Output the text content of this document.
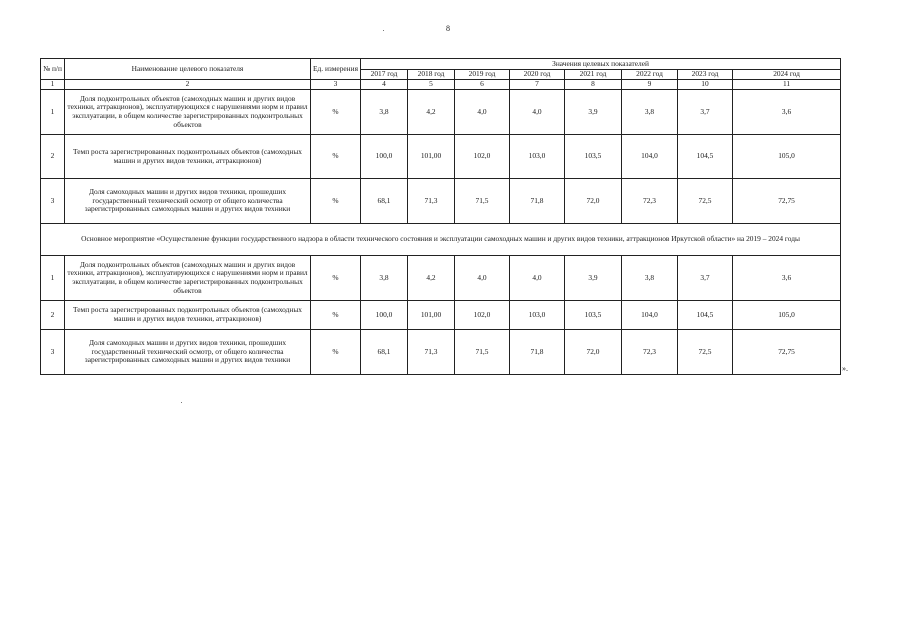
8
№ п/п	Наименование целевого показателя	Ед. измерения	Значения целевых показателей							
			2017 год	2018 год	2019 год	2020 год	2021 год	2022 год	2023 год	2024 год
1	2	3	4	5	6	7	8	9	10	11
1	Доля подконтрольных объектов (самоходных машин и других видов техники, аттракционов), эксплуатирующихся с нарушениями норм и правил эксплуатации, в общем количестве зарегистрированных подконтрольных объектов	%	3,8	4,2	4,0	4,0	3,9	3,8	3,7	3,6
2	Темп роста зарегистрированных подконтрольных объектов (самоходных машин и других видов техники, аттракционов)	%	100,0	101,00	102,0	103,0	103,5	104,0	104,5	105,0
3	Доля самоходных машин и других видов техники, прошедших государственный технический осмотр от общего количества зарегистрированных самоходных машин и других видов техники	%	68,1	71,3	71,5	71,8	72,0	72,3	72,5	72,75
Основное мероприятие «Осуществление функции государственного надзора в области технического состояния и эксплуатации самоходных машин и других видов техники, аттракционов Иркутской области» на 2019 – 2024 годы										
1	Доля подконтрольных объектов (самоходных машин и других видов техники, аттракционов), эксплуатирующихся с нарушениями норм и правил эксплуатации, в общем количестве зарегистрированных подконтрольных объектов	%	3,8	4,2	4,0	4,0	3,9	3,8	3,7	3,6
2	Темп роста зарегистрированных подконтрольных объектов (самоходных машин и других видов техники, аттракционов)	%	100,0	101,00	102,0	103,0	103,5	104,0	104,5	105,0
3	Доля самоходных машин и других видов техники, прошедших государственный технический осмотр, от общего количества зарегистрированных самоходных машин и других видов техники	%	68,1	71,3	71,5	71,8	72,0	72,3	72,5	72,75
».
